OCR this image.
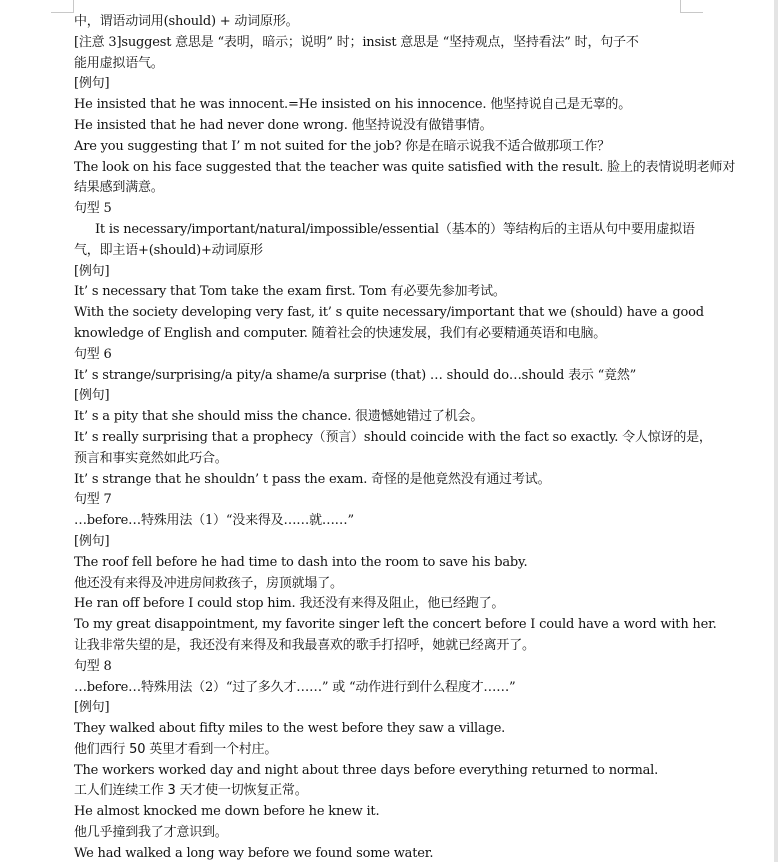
中，谓语动词用(should) + 动词原形。
[注意 3]suggest 意思是 “表明，暗示；说明” 时；insist 意思是 “坚持观点，坚持看法” 时，句子不
能用虚拟语气。
[例句]
He insisted that he was innocent.=He insisted on his innocence. 他坚持说自己是无辜的。
He insisted that he had never done wrong. 他坚持说没有做错事情。
Are you suggesting that I’ m not suited for the job? 你是在暗示说我不适合做那项工作？
The look on his face suggested that the teacher was quite satisfied with the result. 脸上的表情说明老师对
结果感到满意。
句型 5
It is necessary/important/natural/impossible/essential（基本的）等结构后的主语从句中要用虚拟语
气，即主语+(should)+动词原形
[例句]
It’ s necessary that Tom take the exam first. Tom 有必要先参加考试。
With the society developing very fast, it’ s quite necessary/important that we (should) have a good
knowledge of English and computer. 随着社会的快速发展，我们有必要精通英语和电脑。
句型 6
It’ s strange/surprising/a pity/a shame/a surprise (that) … should do…should 表示 “竟然”
[例句]
It’ s a pity that she should miss the chance. 很遗憾她错过了机会。
It’ s really surprising that a prophecy（预言）should coincide with the fact so exactly. 令人惊讶的是，
预言和事实竟然如此巧合。
It’ s strange that he shouldn’ t pass the exam. 奇怪的是他竟然没有通过考试。
句型 7
…before…特殊用法（1）“没来得及……就……”
[例句]
The roof fell before he had time to dash into the room to save his baby.
他还没有来得及冲进房间救孩子，房顶就塌了。
He ran off before I could stop him. 我还没有来得及阻止，他已经跑了。
To my great disappointment, my favorite singer left the concert before I could have a word with her.
让我非常失望的是，我还没有来得及和我最喜欢的歌手打招呼，她就已经离开了。
句型 8
…before…特殊用法（2）“过了多久才……” 或 “动作进行到什么程度才……”
[例句]
They walked about fifty miles to the west before they saw a village.
他们西行 50 英里才看到一个村庄。
The workers worked day and night about three days before everything returned to normal.
工人们连续工作 3 天才使一切恢复正常。
He almost knocked me down before he knew it.
他几乎撞到我了才意识到。
We had walked a long way before we found some water.
